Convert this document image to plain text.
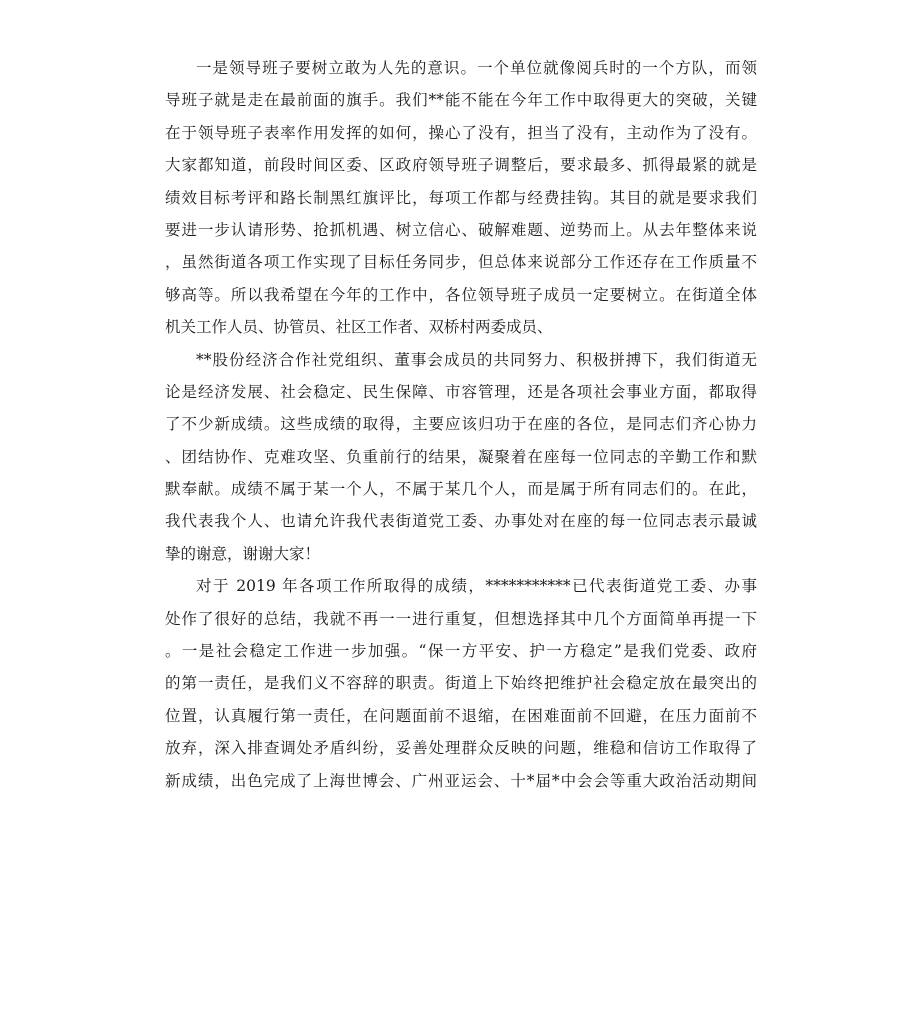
一是领导班子要树立敢为人先的意识。一个单位就像阅兵时的一个方队，而领
导班子就是走在最前面的旗手。我们**能不能在今年工作中取得更大的突破，关键
在于领导班子表率作用发挥的如何，操心了没有，担当了没有，主动作为了没有。
大家都知道，前段时间区委、区政府领导班子调整后，要求最多、抓得最紧的就是
绩效目标考评和路长制黑红旗评比，每项工作都与经费挂钩。其目的就是要求我们
要进一步认请形势、抢抓机遇、树立信心、破解难题、逆势而上。从去年整体来说
，虽然街道各项工作实现了目标任务同步，但总体来说部分工作还存在工作质量不
够高等。所以我希望在今年的工作中，各位领导班子成员一定要树立。在街道全体
机关工作人员、协管员、社区工作者、双桥村两委成员、
**股份经济合作社党组织、董事会成员的共同努力、积极拼搏下，我们街道无
论是经济发展、社会稳定、民生保障、市容管理，还是各项社会事业方面，都取得
了不少新成绩。这些成绩的取得，主要应该归功于在座的各位，是同志们齐心协力
、团结协作、克难攻坚、负重前行的结果，凝聚着在座每一位同志的辛勤工作和默
默奉献。成绩不属于某一个人，不属于某几个人，而是属于所有同志们的。在此，
我代表我个人、也请允许我代表街道党工委、办事处对在座的每一位同志表示最诚
挚的谢意，谢谢大家！
对于 2019 年各项工作所取得的成绩，***********已代表街道党工委、办事
处作了很好的总结，我就不再一一进行重复，但想选择其中几个方面简单再提一下
。一是社会稳定工作进一步加强。“保一方平安、护一方稳定”是我们党委、政府
的第一责任，是我们义不容辞的职责。街道上下始终把维护社会稳定放在最突出的
位置，认真履行第一责任，在问题面前不退缩，在困难面前不回避，在压力面前不
放弃，深入排查调处矛盾纠纷，妥善处理群众反映的问题，维稳和信访工作取得了
新成绩，出色完成了上海世博会、广州亚运会、十*届*中会会等重大政治活动期间
